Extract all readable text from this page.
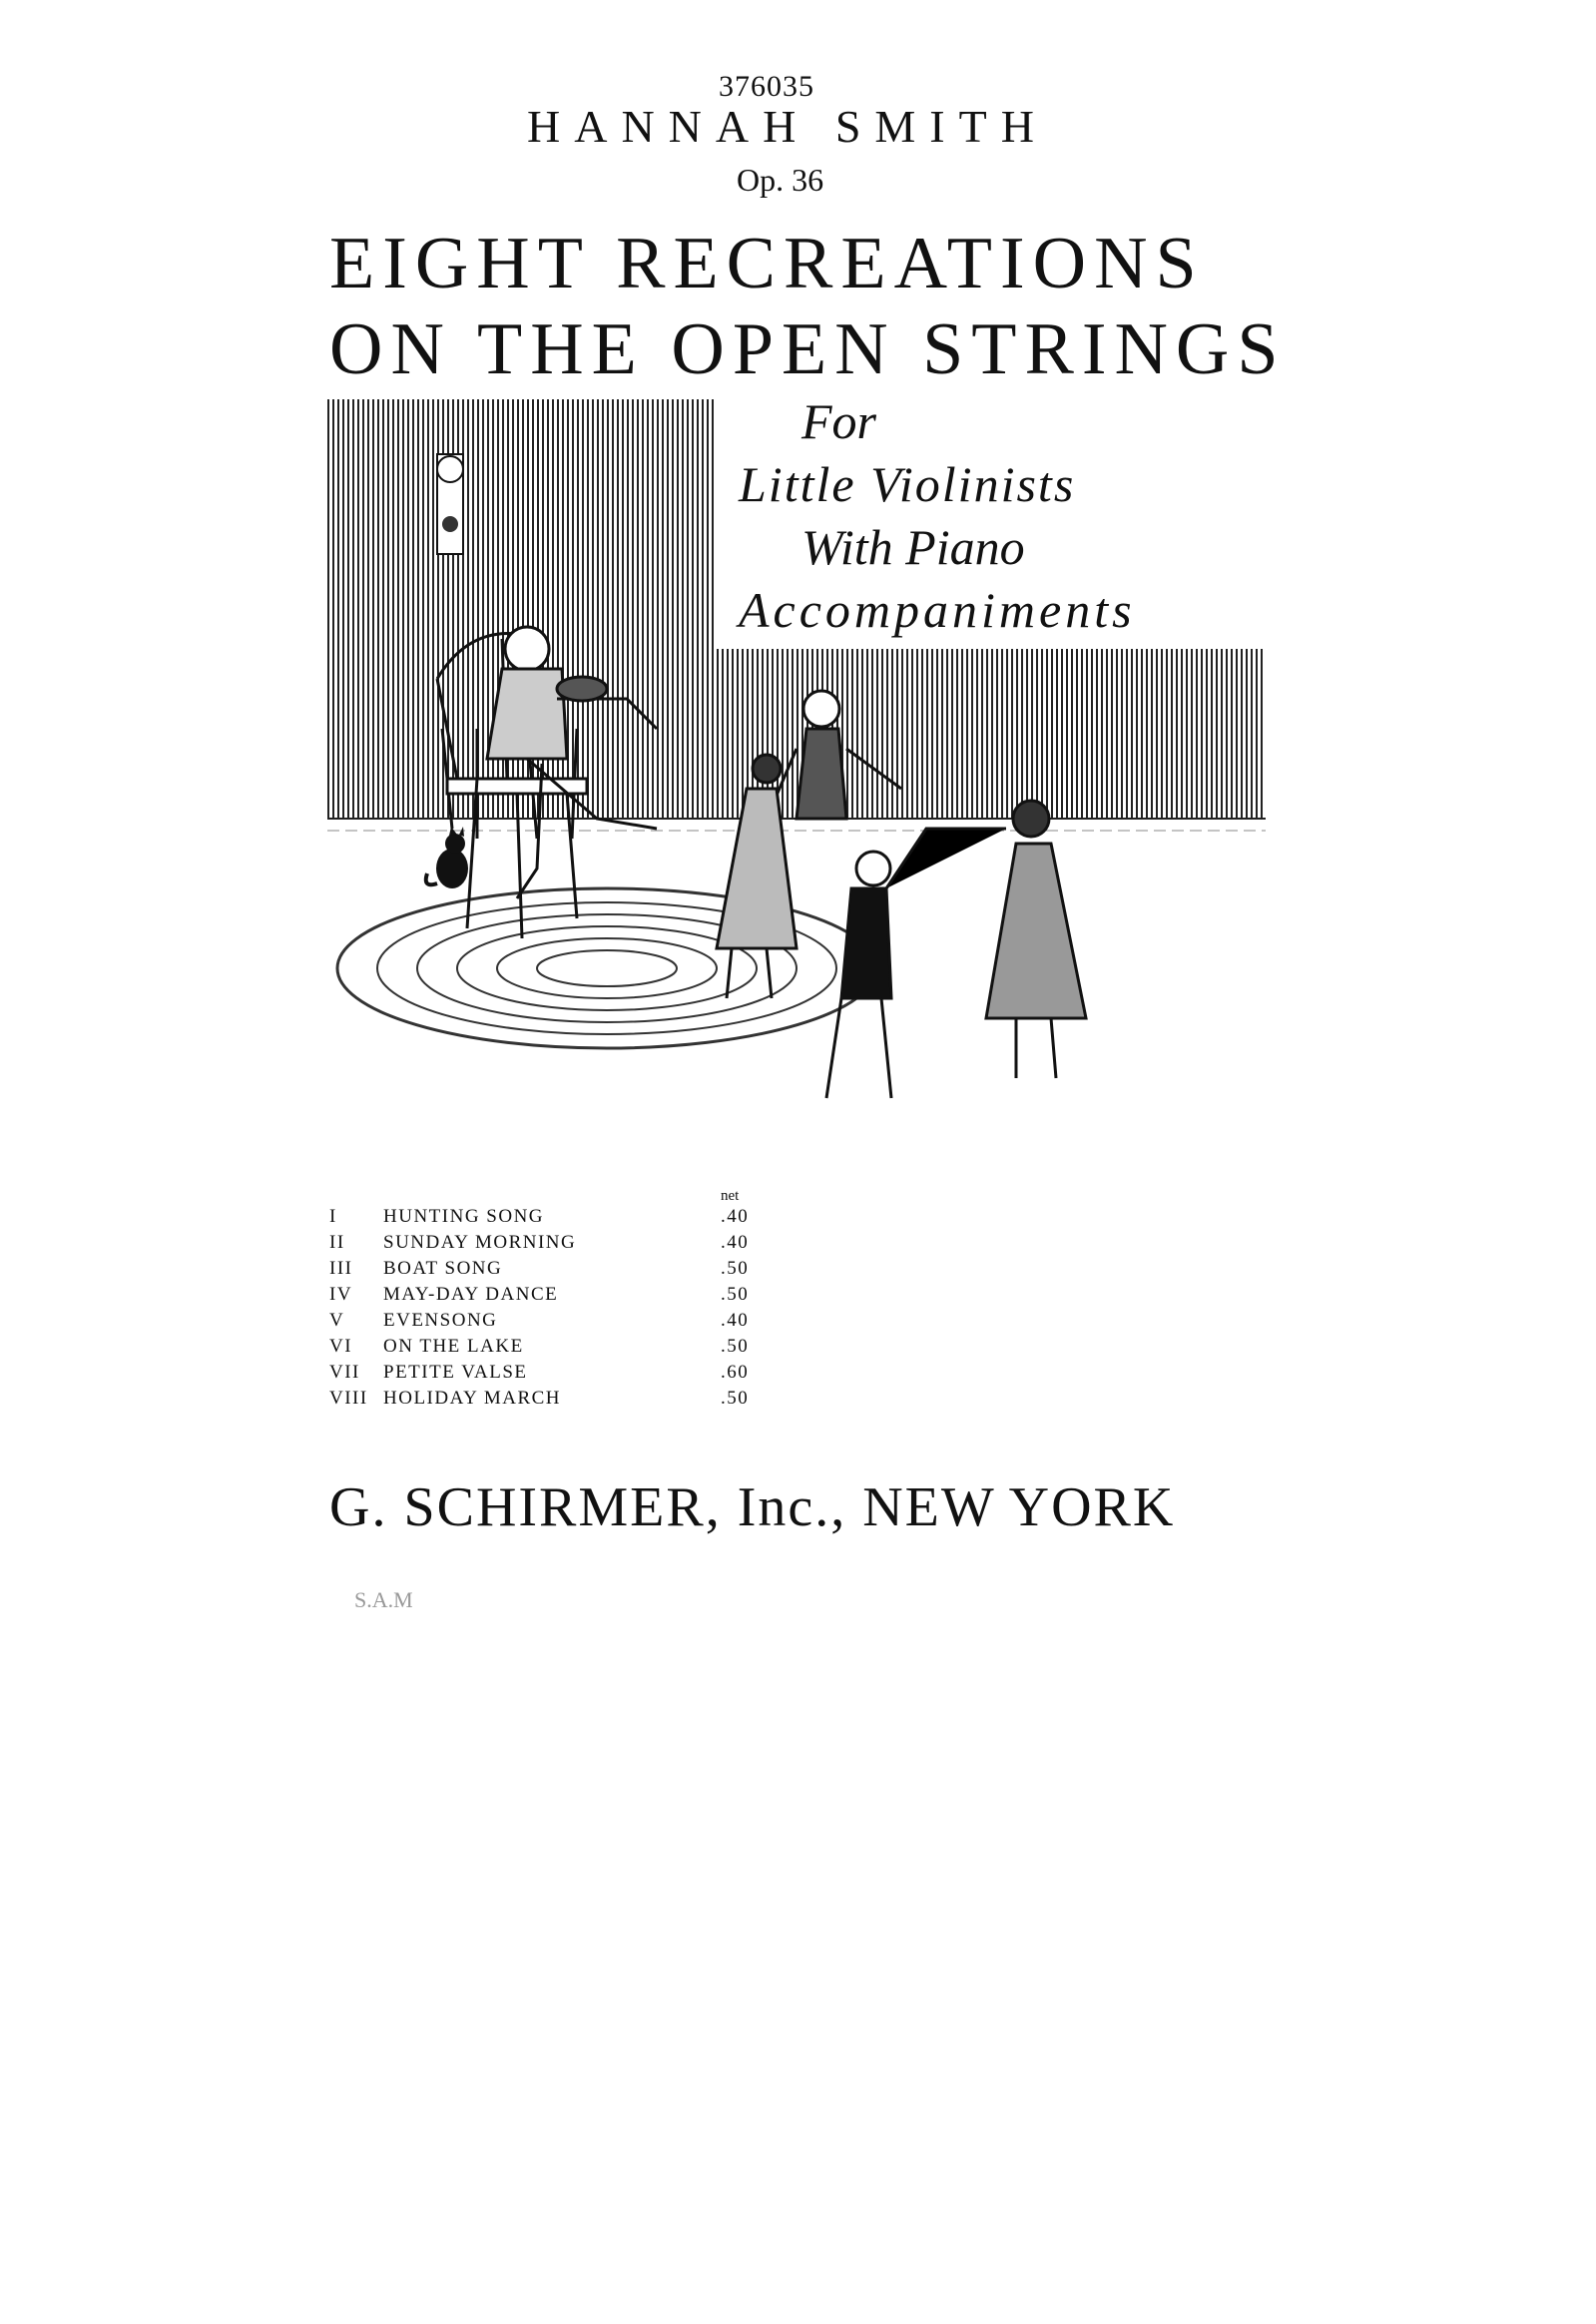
376035
HANNAH SMITH
Op. 36
EIGHT RECREATIONS
ON THE OPEN STRINGS
For
Little Violinists
With Piano
Accompaniments
net
I	HUNTING SONG	.40
II	SUNDAY MORNING	.40
III	BOAT SONG	.50
IV	MAY-DAY DANCE	.50
V	EVENSONG	.40
VI	ON THE LAKE	.50
VII	PETITE VALSE	.60
VIII HOLIDAY MARCH	.50
G. SCHIRMER, Inc., NEW YORK
S.A.M
